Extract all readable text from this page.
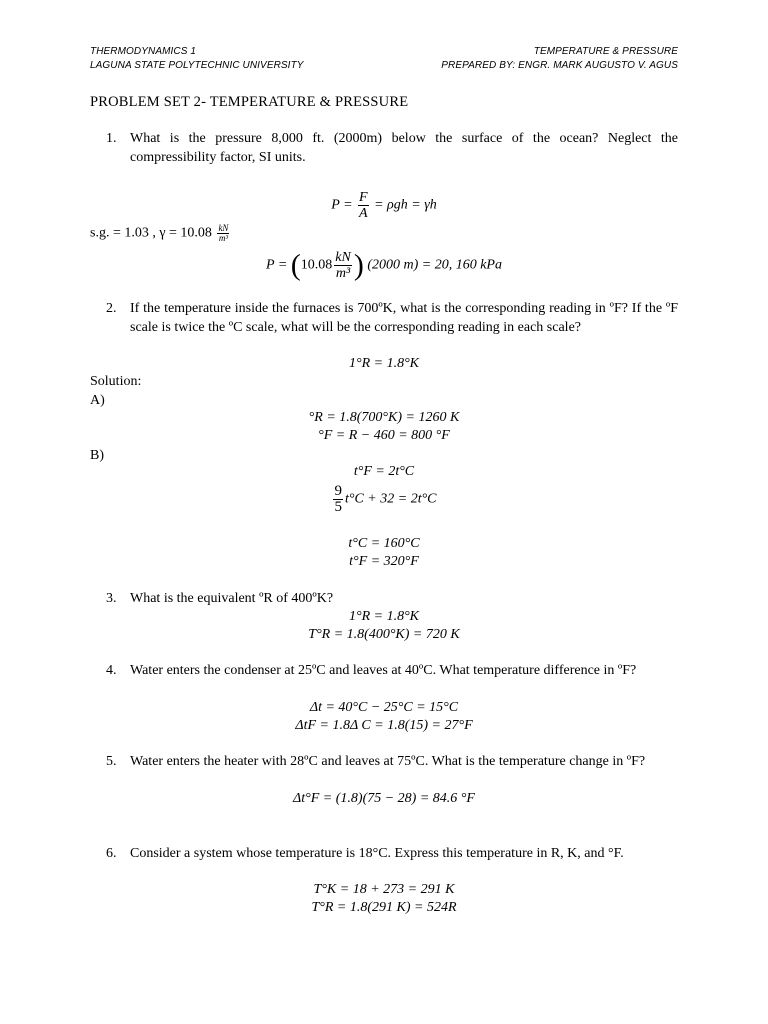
THERMODYNAMICS 1
LAGUNA STATE POLYTECHNIC UNIVERSITY
TEMPERATURE & PRESSURE
PREPARED BY: ENGR. MARK AUGUSTO V. AGUS
PROBLEM SET 2- TEMPERATURE & PRESSURE
1. What is the pressure 8,000 ft. (2000m) below the surface of the ocean? Neglect the compressibility factor, SI units.
$P = \frac{F}{A} = \rho gh = \gamma h$
s.g. = 1.03 , $\gamma = 10.08 \frac{kN}{\text{m³}}$
$P = (10.08 \frac{kN}{\text{m³}}$ ) (2000 m) = 20, 160 kPa
2. If the temperature inside the furnaces is 700ºK, what is the corresponding reading in ºF? If the ºF scale is twice the ºC scale, what will be the corresponding reading in each scale?
1°R = 1.8°K
Solution:
A)
°R = 1.8(700°K) = 1260 K
°F = R − 460 = 800 °F
B)
t°F = 2t°C
$\frac{9}{5} t^\circ C + 32 = 2t^\circ C$
t°C = 160°C
t°F = 320°F
3. What is the equivalent ºR of 400ºK?
1°R = 1.8°K
T°R = 1.8(400°K) = 720 K
4. Water enters the condenser at 25ºC and leaves at 40ºC. What temperature difference in ºF?
Δt = 40°C − 25°C = 15°C
ΔtF = 1.8Δ C = 1.8(15) = 27°F
5. Water enters the heater with 28ºC and leaves at 75ºC. What is the temperature change in ºF?
Δt°F = (1.8)(75 − 28) = 84.6 °F
6. Consider a system whose temperature is 18°C. Express this temperature in R, K, and °F.
T°K = 18 + 273 = 291 K
T°R = 1.8(291 K) = 524R
